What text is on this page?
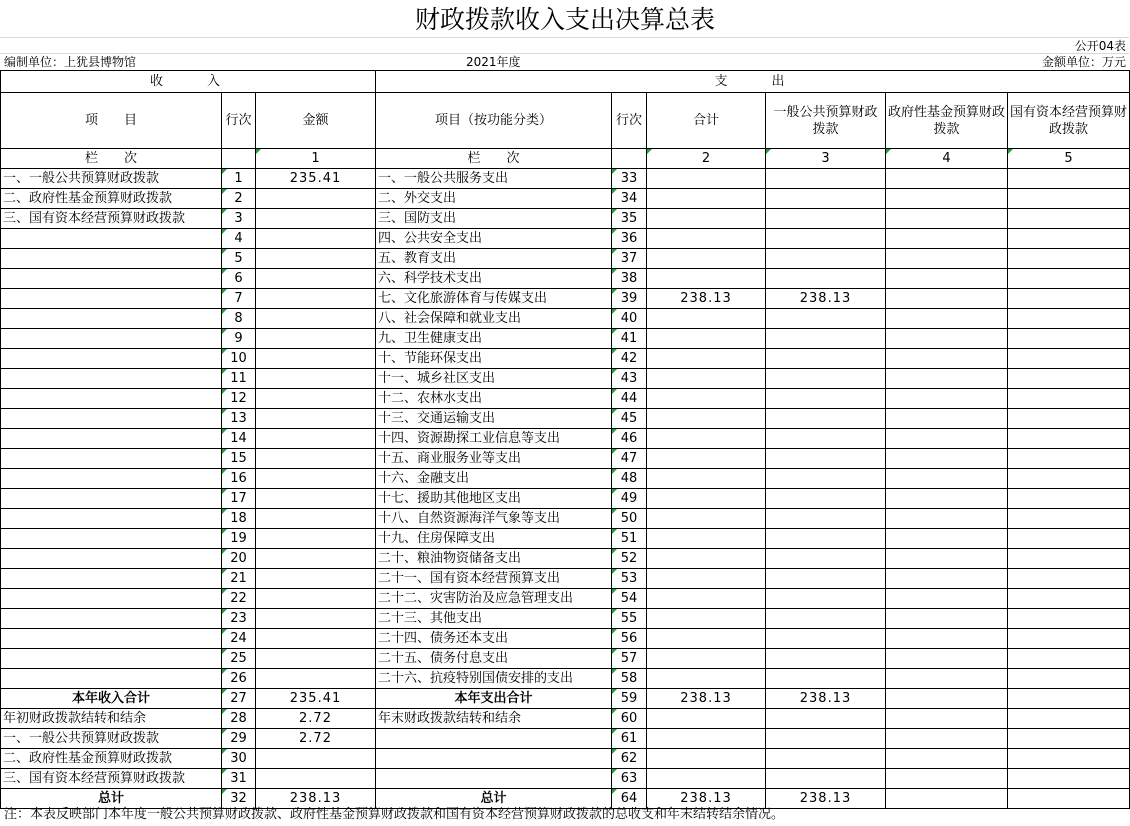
财政拨款收入支出决算总表
公开04表
编制单位：上犹县博物馆	2021年度	金额单位：万元
收　　入			支　　出					
项　　目	行次	金额	项目（按功能分类）	行次	合计	一般公共预算财政拨款	政府性基金预算财政拨款	国有资本经营预算财政拨款
栏　　次		1	栏　　次		2	3	4	5
一、一般公共预算财政拨款	1	235.41	一、一般公共服务支出	33				
二、政府性基金预算财政拨款	2		二、外交支出	34				
三、国有资本经营预算财政拨款	3		三、国防支出	35				
	4		四、公共安全支出	36				
	5		五、教育支出	37				
	6		六、科学技术支出	38				
	7		七、文化旅游体育与传媒支出	39	238.13	238.13		
	8		八、社会保障和就业支出	40				
	9		九、卫生健康支出	41				
	10		十、节能环保支出	42				
	11		十一、城乡社区支出	43				
	12		十二、农林水支出	44				
	13		十三、交通运输支出	45				
	14		十四、资源勘探工业信息等支出	46				
	15		十五、商业服务业等支出	47				
	16		十六、金融支出	48				
	17		十七、援助其他地区支出	49				
	18		十八、自然资源海洋气象等支出	50				
	19		十九、住房保障支出	51				
	20		二十、粮油物资储备支出	52				
	21		二十一、国有资本经营预算支出	53				
	22		二十二、灾害防治及应急管理支出	54				
	23		二十三、其他支出	55				
	24		二十四、债务还本支出	56				
	25		二十五、债务付息支出	57				
	26		二十六、抗疫特别国债安排的支出	58				
本年收入合计	27	235.41	本年支出合计	59	238.13	238.13		
年初财政拨款结转和结余	28	2.72	年末财政拨款结转和结余	60				
一、一般公共预算财政拨款	29	2.72		61				
二、政府性基金预算财政拨款	30			62				
三、国有资本经营预算财政拨款	31			63				
总计	32	238.13	总计	64	238.13	238.13		
注：本表反映部门本年度一般公共预算财政拨款、政府性基金预算财政拨款和国有资本经营预算财政拨款的总收支和年末结转结余情况。
